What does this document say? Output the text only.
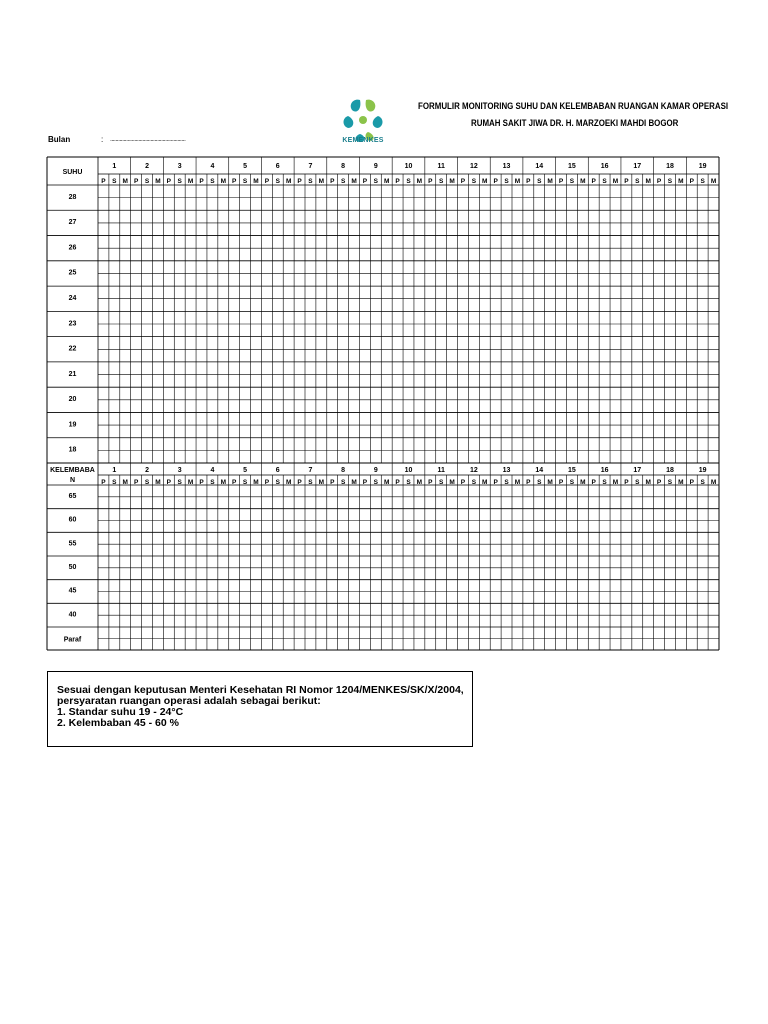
KEMENKES
FORMULIR MONITORING SUHU DAN KELEMBABAN RUANGAN KAMAR OPERASI
RUMAH SAKIT JIWA DR. H. MARZOEKI MAHDI BOGOR
Bulan	: ........................................................
28
27
26
25
24
23
22
21
20
19
18
SUHU
65
60
55
50
45
40
Paraf
KELEMBABA
N
1
1
P
P
S
S
M
M
2
2
P
P
S
S
M
M
3
3
P
P
S
S
M
M
4
4
P
P
S
S
M
M
5
5
P
P
S
S
M
M
6
6
P
P
S
S
M
M
7
7
P
P
S
S
M
M
8
8
P
P
S
S
M
M
9
9
P
P
S
S
M
M
10
10
P
P
S
S
M
M
11
11
P
P
S
S
M
M
12
12
P
P
S
S
M
M
13
13
P
P
S
S
M
M
14
14
P
P
S
S
M
M
15
15
P
P
S
S
M
M
16
16
P
P
S
S
M
M
17
17
P
P
S
S
M
M
18
18
P
P
S
S
M
M
19
19
P
P
S
S
M
M
Sesuai dengan keputusan Menteri Kesehatan RI Nomor 1204/MENKES/SK/X/2004,
persyaratan ruangan operasi adalah sebagai berikut:
1. Standar suhu 19 - 24°C
2. Kelembaban 45 - 60 %
